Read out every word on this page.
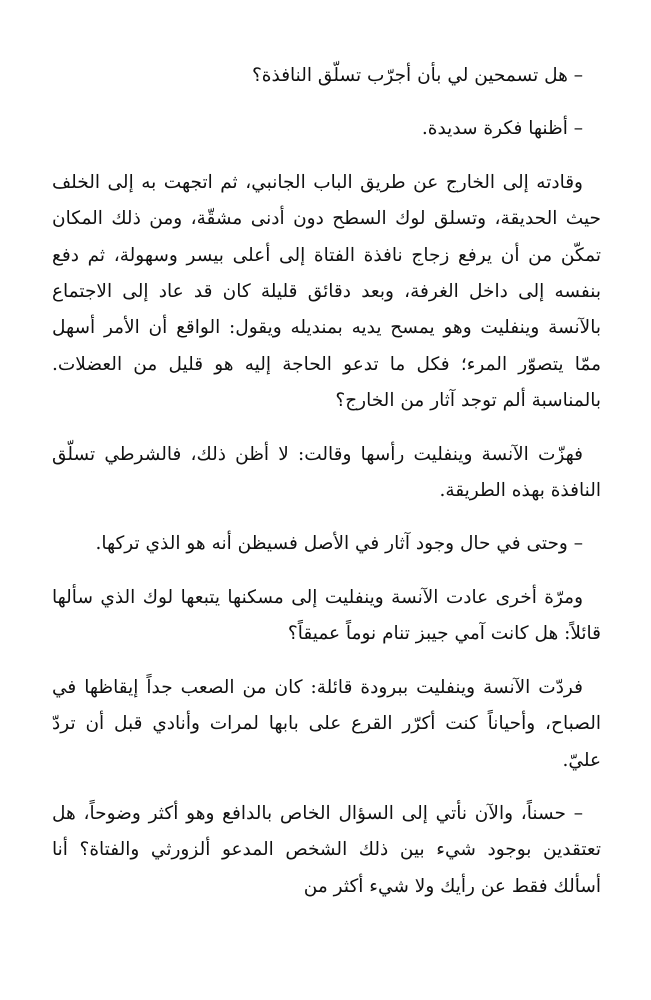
– هل تسمحين لي بأن أجرّب تسلّق النافذة؟

– أظنها فكرة سديدة.

وقادته إلى الخارج عن طريق الباب الجانبي، ثم اتجهت به إلى الخلف حيث الحديقة، وتسلق لوك السطح دون أدنى مشقّة، ومن ذلك المكان تمكّن من أن يرفع زجاج نافذة الفتاة إلى أعلى بيسر وسهولة، ثم دفع بنفسه إلى داخل الغرفة، وبعد دقائق قليلة كان قد عاد إلى الاجتماع بالآنسة وينفليت وهو يمسح يديه بمنديله ويقول: الواقع أن الأمر أسهل ممّا يتصوّر المرء؛ فكل ما تدعو الحاجة إليه هو قليل من العضلات. بالمناسبة ألم توجد آثار من الخارج؟

فهزّت الآنسة وينفليت رأسها وقالت: لا أظن ذلك، فالشرطي تسلّق النافذة بهذه الطريقة.

– وحتى في حال وجود آثار في الأصل فسيظن أنه هو الذي تركها.

ومرّة أخرى عادت الآنسة وينفليت إلى مسكنها يتبعها لوك الذي سألها قائلاً: هل كانت آمي جيبز تنام نوماً عميقاً؟

فردّت الآنسة وينفليت ببرودة قائلة: كان من الصعب جداً إيقاظها في الصباح، وأحياناً كنت أكرّر القرع على بابها لمرات وأنادي قبل أن تردّ عليّ.

– حسناً، والآن نأتي إلى السؤال الخاص بالدافع وهو أكثر وضوحاً، هل تعتقدين بوجود شيء بين ذلك الشخص المدعو ألزورثي والفتاة؟ أنا أسألك فقط عن رأيك ولا شيء أكثر من
